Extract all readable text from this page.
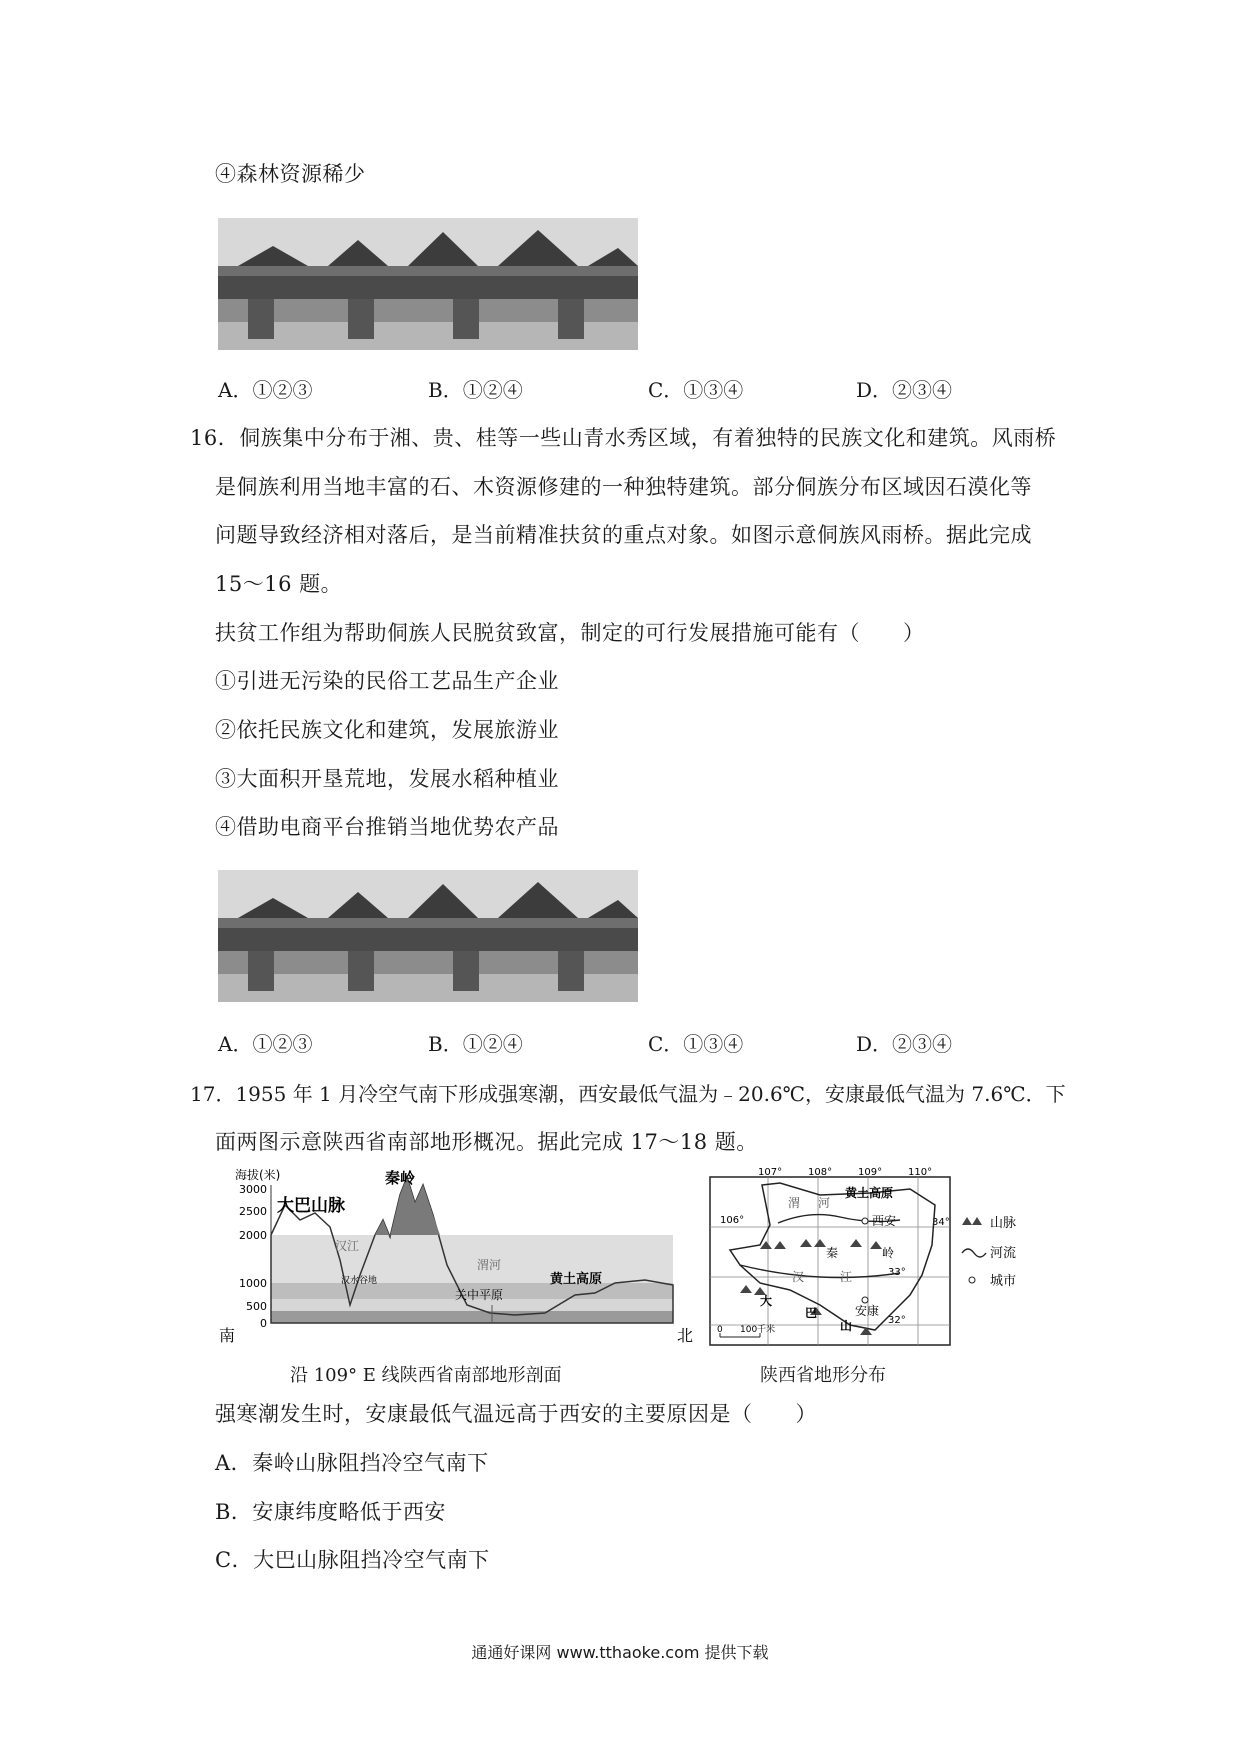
④森林资源稀少
A．①②③	B．①②④	C．①③④	D．②③④
16．侗族集中分布于湘、贵、桂等一些山青水秀区域，有着独特的民族文化和建筑。风雨桥
是侗族利用当地丰富的石、木资源修建的一种独特建筑。部分侗族分布区域因石漠化等
问题导致经济相对落后，是当前精准扶贫的重点对象。如图示意侗族风雨桥。据此完成
15～16 题。
扶贫工作组为帮助侗族人民脱贫致富，制定的可行发展措施可能有（　　）
①引进无污染的民俗工艺品生产企业
②依托民族文化和建筑，发展旅游业
③大面积开垦荒地，发展水稻种植业
④借助电商平台推销当地优势农产品
A．①②③	B．①②④	C．①③④	D．②③④
17．1955 年 1 月冷空气南下形成强寒潮，西安最低气温为﹣20.6℃，安康最低气温为 7.6℃．下
面两图示意陕西省南部地形概况。据此完成 17～18 题。
海拔(米)
3000
2500
2000
1000
500
0
大巴山脉
秦岭
汉江
汉水谷地
渭河
关中平原
黄土高原
南	北
107°	108°	109°	110°
106°	34°
33°
32°
黄土高原
渭 河
西安
秦	岭
汉	江
大
巴
山
安康
0 100千米
山脉
河流
城市
沿 109° E 线陕西省南部地形剖面	陕西省地形分布
强寒潮发生时，安康最低气温远高于西安的主要原因是（　　）
A．秦岭山脉阻挡冷空气南下
B．安康纬度略低于西安
C．大巴山脉阻挡冷空气南下
通通好课网 www.tthaoke.com 提供下载
